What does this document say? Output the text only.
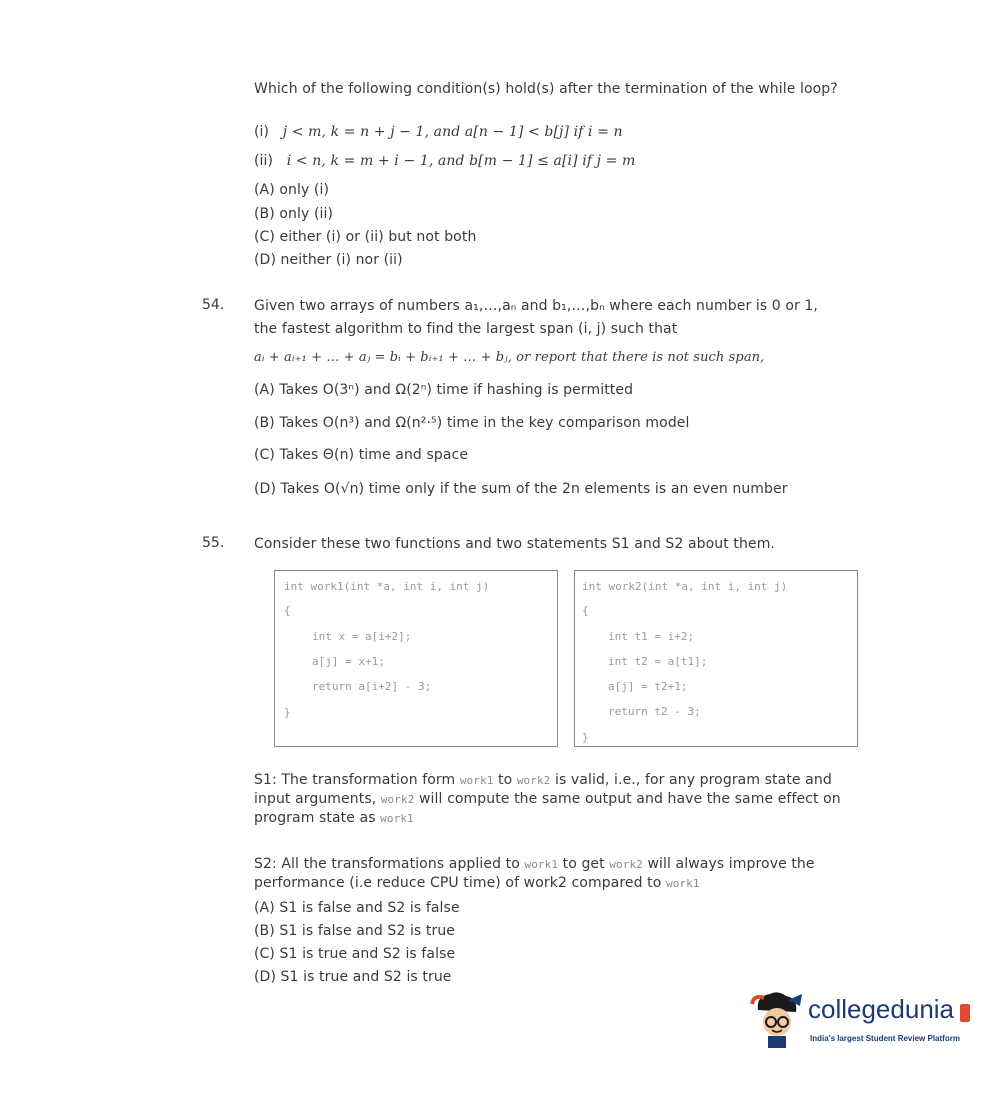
Which of the following condition(s) hold(s) after the termination of the while loop?
(i) j < m, k = n + j − 1, and a[n − 1] < b[j] if i = n
(ii) i < n, k = m + i − 1, and b[m − 1] ≤ a[i] if j = m
(A) only (i)
(B) only (ii)
(C) either (i) or (ii) but not both
(D) neither (i) nor (ii)
54. Given two arrays of numbers a₁,…,aₙ and b₁,…,bₙ where each number is 0 or 1,
the fastest algorithm to find the largest span (i, j) such that
aᵢ + aᵢ₊₁ + … + aⱼ = bᵢ + bᵢ₊₁ + … + bⱼ, or report that there is not such span,
(A) Takes O(3ⁿ) and Ω(2ⁿ) time if hashing is permitted
(B) Takes O(n³) and Ω(n²·⁵) time in the key comparison model
(C) Takes Θ(n) time and space
(D) Takes O(√n) time only if the sum of the 2n elements is an even number
55. Consider these two functions and two statements S1 and S2 about them.
int work1(int *a, int i, int j)
{
int x = a[i+2];
a[j] = x+1;
return a[i+2] - 3;
}
int work2(int *a, int i, int j)
{
int t1 = i+2;
int t2 = a[t1];
a[j] = t2+1;
return t2 - 3;
}
S1: The transformation form work1 to work2 is valid, i.e., for any program state and input arguments, work2 will compute the same output and have the same effect on program state as work1
S2: All the transformations applied to work1 to get work2 will always improve the performance (i.e reduce CPU time) of work2 compared to work1
(A) S1 is false and S2 is false
(B) S1 is false and S2 is true
(C) S1 is true and S2 is false
(D) S1 is true and S2 is true
collegedunia
India's largest Student Review Platform
